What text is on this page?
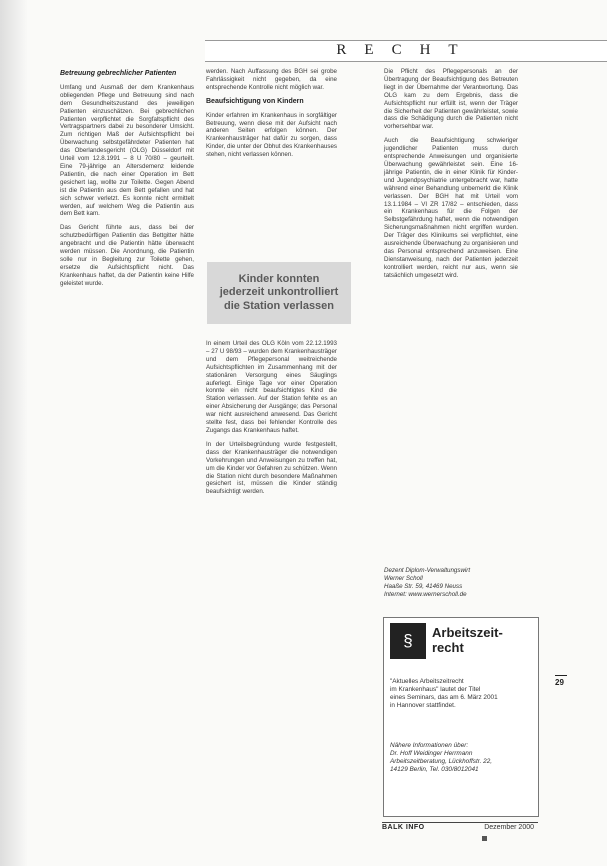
RECHT
Betreuung gebrechlicher Patienten

Umfang und Ausmaß der dem Krankenhaus obliegenden Pflege und Betreuung sind nach dem Gesundheitszustand des jeweiligen Patienten einzuschätzen. Bei gebrechlichen Patienten verpflichtet die Sorgfaltspflicht des Vertragspartners dabei zu besonderer Umsicht. Zum richtigen Maß der Aufsichtspflicht bei Überwachung selbstgefährdeter Patienten hat das Oberlandesgericht (OLG) Düsseldorf mit Urteil vom 12.8.1991 – 8 U 70/80 – geurteilt. Eine 79-jährige an Altersdemenz leidende Patientin, die nach einer Operation im Bett gesichert lag, wollte zur Toilette. Gegen Abend ist die Patientin aus dem Bett gefallen und hat sich schwer verletzt. Es konnte nicht ermittelt werden, auf welchem Weg die Patientin aus dem Bett kam.

Das Gericht führte aus, dass bei der schutzbedürftigen Patientin das Bettgitter hätte angebracht und die Patientin hätte überwacht werden müssen. Die Anordnung, die Patientin solle nur in Begleitung zur Toilette gehen, ersetze die Aufsichtspflicht nicht. Das Krankenhaus haftet, da der Patientin keine Hilfe geleistet wurde.

werden. Nach Auffassung des BGH sei grobe Fahrlässigkeit nicht gegeben, da eine entsprechende Kontrolle nicht möglich war.

Beaufsichtigung von Kindern

Kinder erfahren im Krankenhaus in sorgfältiger Betreuung, wenn diese mit der Aufsicht nach anderen Seiten erfolgen können. Der Krankenhausträger hat dafür zu sorgen, dass Kinder, die unter der Obhut des Krankenhauses stehen, nicht verlassen können.

Kinder konnten jederzeit unkontrolliert die Station verlassen

In einem Urteil des OLG Köln vom 22.12.1993 – 27 U 98/93 – wurden dem Krankenhausträger und dem Pflegepersonal weitreichende Aufsichtspflichten im Zusammenhang mit der stationären Versorgung eines Säuglings auferlegt. Einige Tage vor einer Operation konnte ein nicht beaufsichtigtes Kind die Station verlassen. Auf der Station fehlte es an einer Absicherung der Ausgänge; das Personal war nicht ausreichend anwesend. Das Gericht stellte fest, dass bei fehlender Kontrolle des Zugangs das Krankenhaus haftet.

In der Urteilsbegründung wurde festgestellt, dass der Krankenhausträger die notwendigen Vorkehrungen und Anweisungen zu treffen hat, um die Kinder vor Gefahren zu schützen. Wenn die Station nicht durch besondere Maßnahmen gesichert ist, müssen die Kinder ständig beaufsichtigt werden.

Die Pflicht des Pflegepersonals an der Übertragung der Beaufsichtigung des Betreuten liegt in der Übernahme der Verantwortung. Das OLG kam zu dem Ergebnis, dass die Aufsichtspflicht nur erfüllt ist, wenn der Träger die Sicherheit der Patienten gewährleistet, sowie dass die Schädigung durch die Patienten nicht vorhersehbar war.

Auch die Beaufsichtigung schwieriger jugendlicher Patienten muss durch entsprechende Anweisungen und organisierte Überwachung gewährleistet sein. Eine 16-jährige Patientin, die in einer Klinik für Kinder- und Jugendpsychiatrie untergebracht war, hatte während einer Behandlung unbemerkt die Klinik verlassen. Der BGH hat mit Urteil vom 13.1.1984 – VI ZR 17/82 – entschieden, dass ein Krankenhaus für die Folgen der Selbstgefährdung haftet, wenn die notwendigen Sicherungsmaßnahmen nicht ergriffen wurden. Der Träger des Klinikums sei verpflichtet, eine ausreichende Überwachung zu organisieren und das Personal entsprechend anzuweisen. Eine Dienstanweisung, nach der Patienten jederzeit kontrolliert werden, reicht nur aus, wenn sie tatsächlich umgesetzt wird.

Dezent Diplom-Verwaltungswirt
Werner Scholl
Haaße Str. 59, 41469 Neuss
Internet: www.wernerscholl.de
§	Arbeitszeit-
recht
"Aktuelles Arbeitszeitrecht
im Krankenhaus" lautet der Titel
eines Seminars, das am 6. März 2001
in Hannover stattfindet.
Nähere Informationen über:
Dr. Hoff Weidinger Herrmann
Arbeitszeitberatung, Lückhoffstr. 22,
14129 Berlin, Tel. 030/8012041
29
BALK INFO	Dezember 2000
